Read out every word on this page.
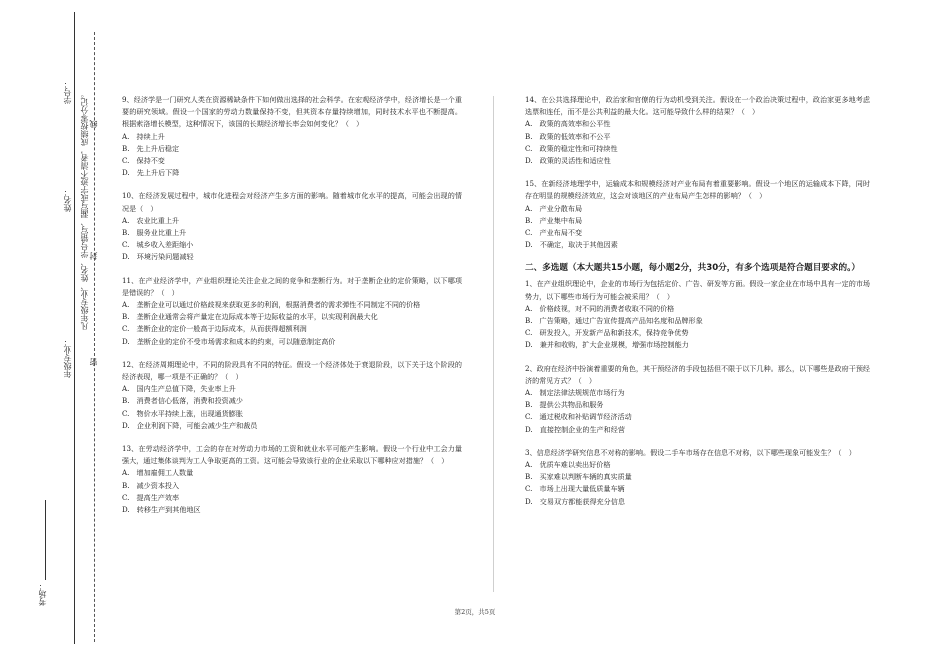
考场：
年级专业：
姓名：
学号： 凡年级专业、姓名、学号错写、漏写或字迹不清者，成绩按零分记。
密
封
线
9、经济学是一门研究人类在资源稀缺条件下如何做出选择的社会科学。在宏观经济学中，经济增长是一个重要的研究领域。假设一个国家的劳动力数量保持不变，但其资本存量持续增加，同时技术水平也不断提高。根据索洛增长模型，这种情况下，该国的长期经济增长率会如何变化？（　）
A.　持续上升
B.　先上升后稳定
C.　保持不变
D.　先上升后下降
10、在经济发展过程中，城市化进程会对经济产生多方面的影响。随着城市化水平的提高，可能会出现的情况是（　）
A.　农业比重上升
B.　服务业比重上升
C.　城乡收入差距缩小
D.　环境污染问题减轻
11、在产业经济学中，产业组织理论关注企业之间的竞争和垄断行为。对于垄断企业的定价策略，以下哪项是错误的？（　）
A.　垄断企业可以通过价格歧视来获取更多的利润，根据消费者的需求弹性不同制定不同的价格
B.　垄断企业通常会将产量定在边际成本等于边际收益的水平，以实现利润最大化
C.　垄断企业的定价一般高于边际成本，从而获得超额利润
D.　垄断企业的定价不受市场需求和成本的约束，可以随意制定高价
12、在经济周期理论中，不同的阶段具有不同的特征。假设一个经济体处于衰退阶段，以下关于这个阶段的经济表现，哪一项是不正确的？（　）
A.　国内生产总值下降，失业率上升
B.　消费者信心低落，消费和投资减少
C.　物价水平持续上涨，出现通货膨胀
D.　企业利润下降，可能会减少生产和裁员
13、在劳动经济学中，工会的存在对劳动力市场的工资和就业水平可能产生影响。假设一个行业中工会力量强大，通过集体谈判为工人争取更高的工资。这可能会导致该行业的企业采取以下哪种应对措施？（　）
A.　增加雇佣工人数量
B.　减少资本投入
C.　提高生产效率
D.　转移生产到其他地区
14、在公共选择理论中，政治家和官僚的行为动机受到关注。假设在一个政治决策过程中，政治家更多地考虑选票和连任，而不是公共利益的最大化。这可能导致什么样的结果？（　）
A.　政策的高效率和公平性
B.　政策的低效率和不公平
C.　政策的稳定性和可持续性
D.　政策的灵活性和适应性
15、在新经济地理学中，运输成本和规模经济对产业布局有着重要影响。假设一个地区的运输成本下降，同时存在明显的规模经济效应，这会对该地区的产业布局产生怎样的影响？（　）
A.　产业分散布局
B.　产业集中布局
C.　产业布局不变
D.　不确定，取决于其他因素
二、多选题（本大题共15小题，每小题2分，共30分，有多个选项是符合题目要求的。）
1、在产业组织理论中，企业的市场行为包括定价、广告、研发等方面。假设一家企业在市场中具有一定的市场势力，以下哪些市场行为可能会被采用？（　）
A.　价格歧视，对不同的消费者收取不同的价格
B.　广告策略，通过广告宣传提高产品知名度和品牌形象
C.　研发投入，开发新产品和新技术，保持竞争优势
D.　兼并和收购，扩大企业规模，增强市场控制能力
2、政府在经济中扮演着重要的角色，其干预经济的手段包括但不限于以下几种。那么，以下哪些是政府干预经济的常见方式？（　）
A.　制定法律法规规范市场行为
B.　提供公共物品和服务
C.　通过税收和补贴调节经济活动
D.　直接控制企业的生产和经营
3、信息经济学研究信息不对称的影响。假设二手车市场存在信息不对称，以下哪些现象可能发生？（　）
A.　优质车难以卖出好价格
B.　买家难以判断车辆的真实质量
C.　市场上出现大量低质量车辆
D.　交易双方都能获得充分信息
第2页，共5页
